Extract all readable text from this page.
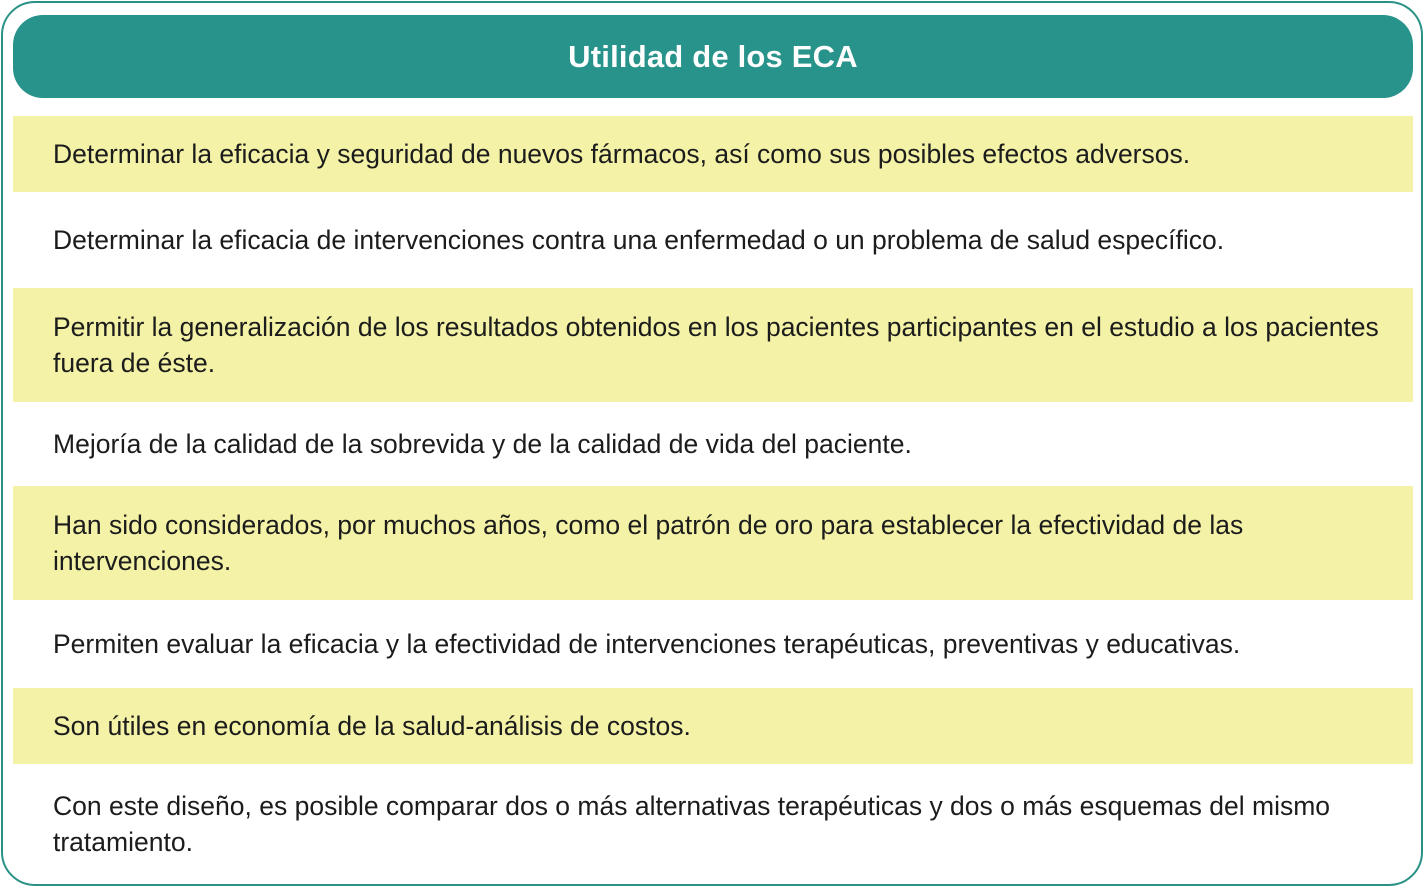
Utilidad de los ECA
Determinar la eficacia y seguridad de nuevos fármacos, así como sus posibles efectos adversos.
Determinar la eficacia de intervenciones contra una enfermedad o un problema de salud específico.
Permitir la generalización de los resultados obtenidos en los pacientes participantes en el estudio a los pacientes fuera de éste.
Mejoría de la calidad de la sobrevida y de la calidad de vida del paciente.
Han sido considerados, por muchos años, como el patrón de oro para establecer la efectividad de las intervenciones.
Permiten evaluar la eficacia y la efectividad de intervenciones terapéuticas, preventivas y educativas.
Son útiles en economía de la salud-análisis de costos.
Con este diseño, es posible comparar dos o más alternativas terapéuticas y dos o más esquemas del mismo tratamiento.
